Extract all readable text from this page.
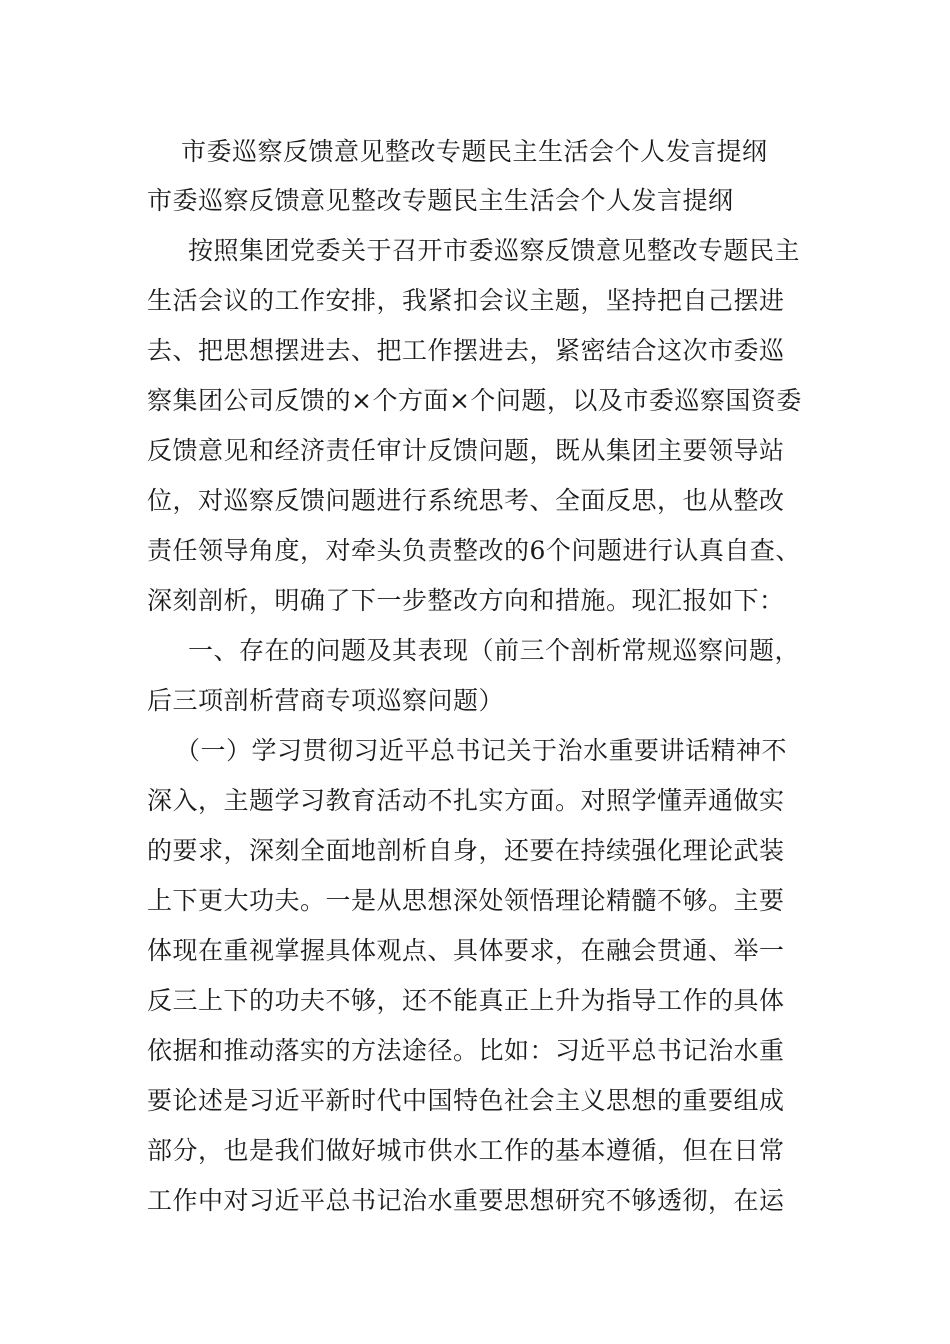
市委巡察反馈意见整改专题民主生活会个人发言提纲
市委巡察反馈意见整改专题民主生活会个人发言提纲
按照集团党委关于召开市委巡察反馈意见整改专题民主
生活会议的工作安排，我紧扣会议主题，坚持把自己摆进
去、把思想摆进去、把工作摆进去，紧密结合这次市委巡
察集团公司反馈的×个方面×个问题，以及市委巡察国资委
反馈意见和经济责任审计反馈问题，既从集团主要领导站
位，对巡察反馈问题进行系统思考、全面反思，也从整改
责任领导角度，对牵头负责整改的6个问题进行认真自查、
深刻剖析，明确了下一步整改方向和措施。现汇报如下：
一、存在的问题及其表现（前三个剖析常规巡察问题，
后三项剖析营商专项巡察问题）
（一）学习贯彻习近平总书记关于治水重要讲话精神不
深入，主题学习教育活动不扎实方面。对照学懂弄通做实
的要求，深刻全面地剖析自身，还要在持续强化理论武装
上下更大功夫。一是从思想深处领悟理论精髓不够。主要
体现在重视掌握具体观点、具体要求，在融会贯通、举一
反三上下的功夫不够，还不能真正上升为指导工作的具体
依据和推动落实的方法途径。比如：习近平总书记治水重
要论述是习近平新时代中国特色社会主义思想的重要组成
部分，也是我们做好城市供水工作的基本遵循，但在日常
工作中对习近平总书记治水重要思想研究不够透彻，在运
